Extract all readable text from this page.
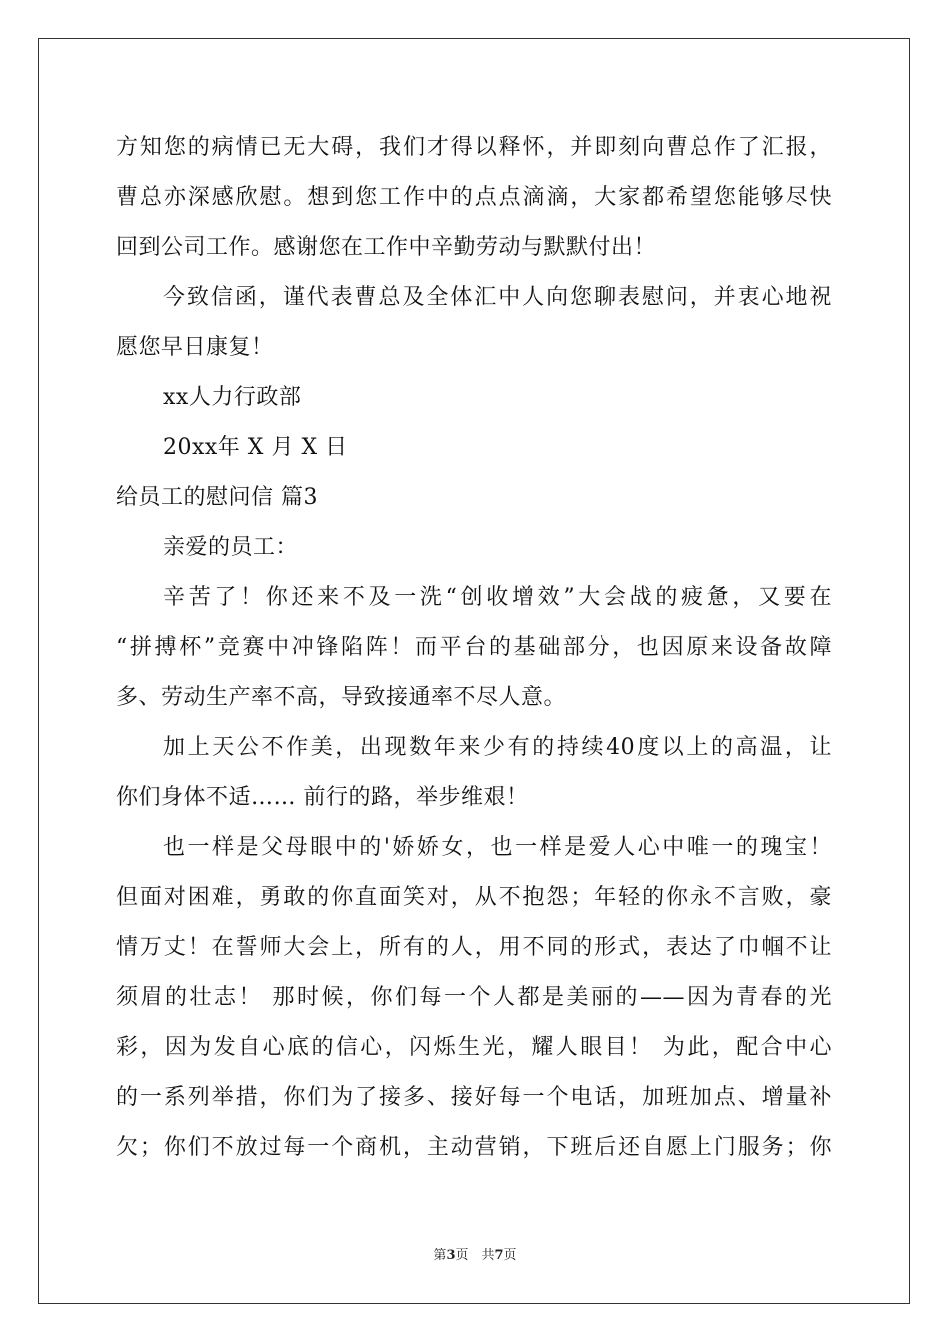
方知您的病情已无大碍，我们才得以释怀，并即刻向曹总作了汇报，
曹总亦深感欣慰。想到您工作中的点点滴滴，大家都希望您能够尽快
回到公司工作。感谢您在工作中辛勤劳动与默默付出！
今致信函，谨代表曹总及全体汇中人向您聊表慰问，并衷心地祝
愿您早日康复！
xx人力行政部
20xx年 X 月 X 日
给员工的慰问信 篇3
亲爱的员工：
辛苦了！你还来不及一洗“创收增效”大会战的疲惫，又要在
“拼搏杯”竞赛中冲锋陷阵！而平台的基础部分，也因原来设备故障
多、劳动生产率不高，导致接通率不尽人意。
加上天公不作美，出现数年来少有的持续40度以上的高温，让
你们身体不适…… 前行的路，举步维艰！
也一样是父母眼中的'娇娇女，也一样是爱人心中唯一的瑰宝！
但面对困难，勇敢的你直面笑对，从不抱怨；年轻的你永不言败，豪
情万丈！在誓师大会上，所有的人，用不同的形式，表达了巾帼不让
须眉的壮志！ 那时候，你们每一个人都是美丽的——因为青春的光
彩，因为发自心底的信心，闪烁生光，耀人眼目！ 为此，配合中心
的一系列举措，你们为了接多、接好每一个电话，加班加点、增量补
欠；你们不放过每一个商机，主动营销，下班后还自愿上门服务；你
第3页　共7页
